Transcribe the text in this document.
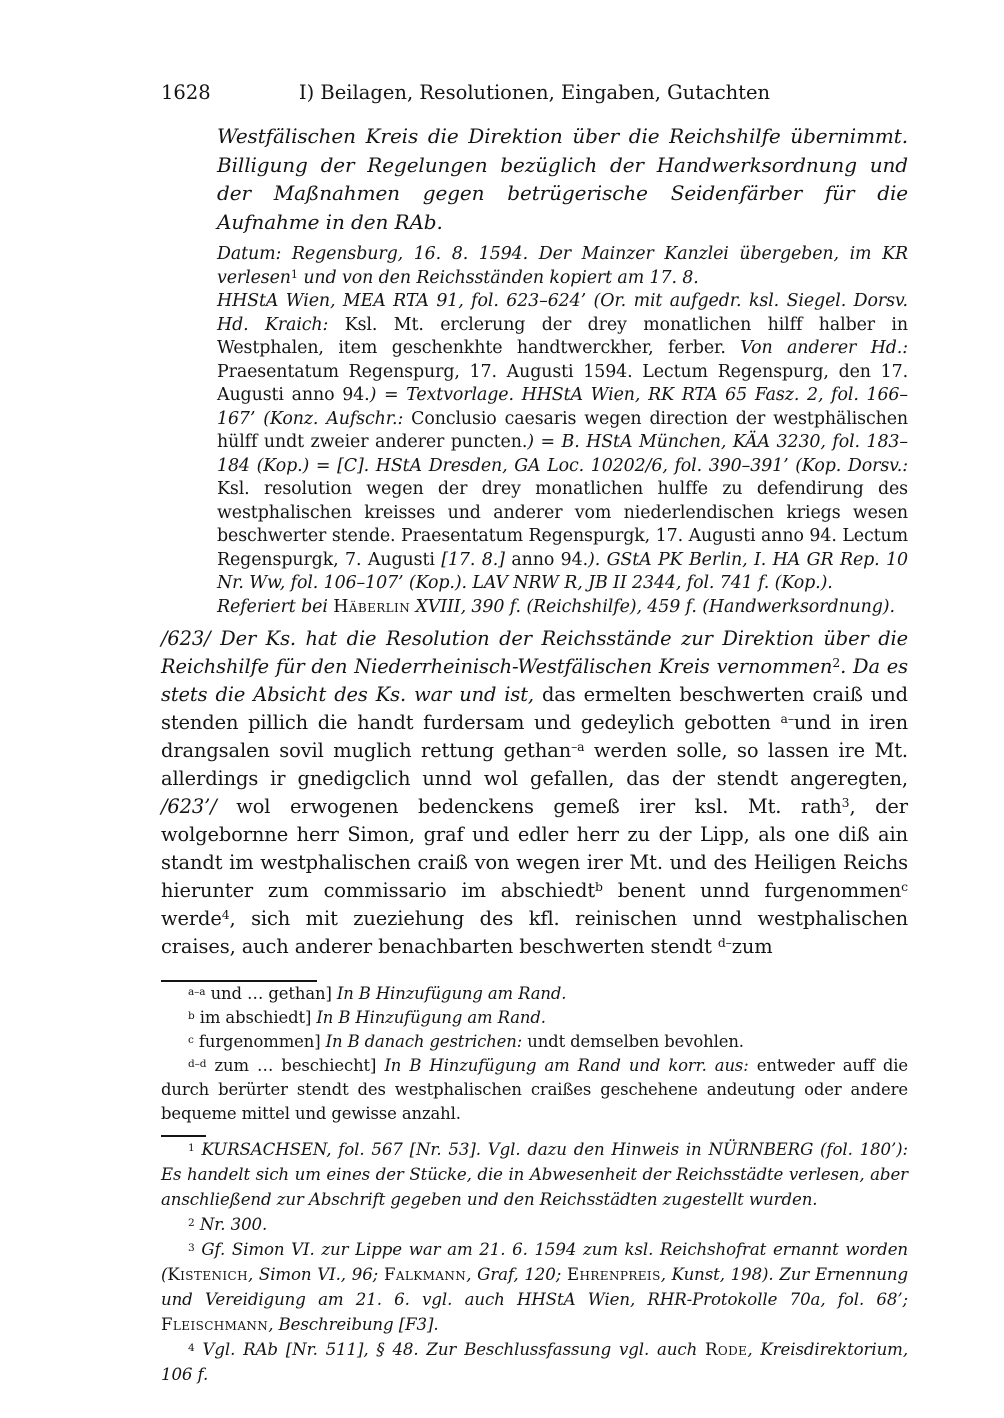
1628	I) Beilagen, Resolutionen, Eingaben, Gutachten

Westfälischen Kreis die Direktion über die Reichshilfe übernimmt. Billigung der Regelungen bezüglich der Handwerksordnung und der Maßnahmen gegen betrügerische Seidenfärber für die Aufnahme in den RAb.

Datum: Regensburg, 16. 8. 1594. Der Mainzer Kanzlei übergeben, im KR verlesen$^1$ und von den Reichsständen kopiert am 17. 8.

HHStA Wien, MEA RTA 91, fol. 623–624’ (Or. mit aufgedr. ksl. Siegel. Dorsv. Hd. Kraich: Ksl. Mt. erclerung der drey monatlichen hilff halber in Westphalen, item geschenkhte handtwerckher, ferber. Von anderer Hd.: Praesentatum Regenspurg, 17. Augusti 1594. Lectum Regenspurg, den 17. Augusti anno 94.) = Textvorlage. HHStA Wien, RK RTA 65 Fasz. 2, fol. 166–167’ (Konz. Aufschr.: Conclusio caesaris wegen direction der westphälischen hülff undt zweier anderer puncten.) = B. HStA München, KÄA 3230, fol. 183–184 (Kop.) = [C]. HStA Dresden, GA Loc. 10202/6, fol. 390–391’ (Kop. Dorsv.: Ksl. resolution wegen der drey monatlichen hulffe zu defendirung des westphalischen kreisses und anderer vom niederlendischen kriegs wesen beschwerter stende. Praesentatum Regenspurgk, 17. Augusti anno 94. Lectum Regenspurgk, 7. Augusti [17. 8.] anno 94.). GStA PK Berlin, I. HA GR Rep. 10 Nr. Ww, fol. 106–107’ (Kop.). LAV NRW R, JB II 2344, fol. 741 f. (Kop.).

Referiert bei Häberlin XVIII, 390 f. (Reichshilfe), 459 f. (Handwerksordnung).

/623/ Der Ks. hat die Resolution der Reichsstände zur Direktion über die Reichshilfe für den Niederrheinisch-Westfälischen Kreis vernommen$^2$. Da es stets die Absicht des Ks. war und ist, das ermelten beschwerten craiß und stenden pillich die handt furdersam und gedeylich gebotten $^{a-}$und in iren drangsalen sovil muglich rettung gethan$^{-a}$ werden solle, so lassen ire Mt. allerdings ir gnedigclich unnd wol gefallen, das der stendt angeregten, /623’/ wol erwogenen bedenckens gemeß irer ksl. Mt. rath$^3$, der wolgebornne herr Simon, graf und edler herr zu der Lipp, als one diß ain standt im westphalischen craiß von wegen irer Mt. und des Heiligen Reichs hierunter zum commissario im abschiedt$^b$ benent unnd furgenommen$^c$ werde$^4$, sich mit zueziehung des kfl. reinischen unnd westphalischen craises, auch anderer benachbarten beschwerten stendt $^{d-}$zum

$^{a-a}$ und … gethan] In B Hinzufügung am Rand.

$^b$ im abschiedt] In B Hinzufügung am Rand.

$^c$ furgenommen] In B danach gestrichen: undt demselben bevohlen.

$^{d-d}$ zum … beschiecht] In B Hinzufügung am Rand und korr. aus: entweder auff die durch berürter stendt des westphalischen craißes geschehene andeutung oder andere bequeme mittel und gewisse anzahl.

$^1$ KURSACHSEN, fol. 567 [Nr. 53]. Vgl. dazu den Hinweis in NÜRNBERG (fol. 180’): Es handelt sich um eines der Stücke, die in Abwesenheit der Reichsstädte verlesen, aber anschließend zur Abschrift gegeben und den Reichsstädten zugestellt wurden.

$^2$ Nr. 300.

$^3$ Gf. Simon VI. zur Lippe war am 21. 6. 1594 zum ksl. Reichshofrat ernannt worden (Kistenich, Simon VI., 96; Falkmann, Graf, 120; Ehrenpreis, Kunst, 198). Zur Ernennung und Vereidigung am 21. 6. vgl. auch HHStA Wien, RHR-Protokolle 70a, fol. 68’; Fleischmann, Beschreibung [F3].

$^4$ Vgl. RAb [Nr. 511], § 48. Zur Beschlussfassung vgl. auch Rode, Kreisdirektorium, 106 f.
